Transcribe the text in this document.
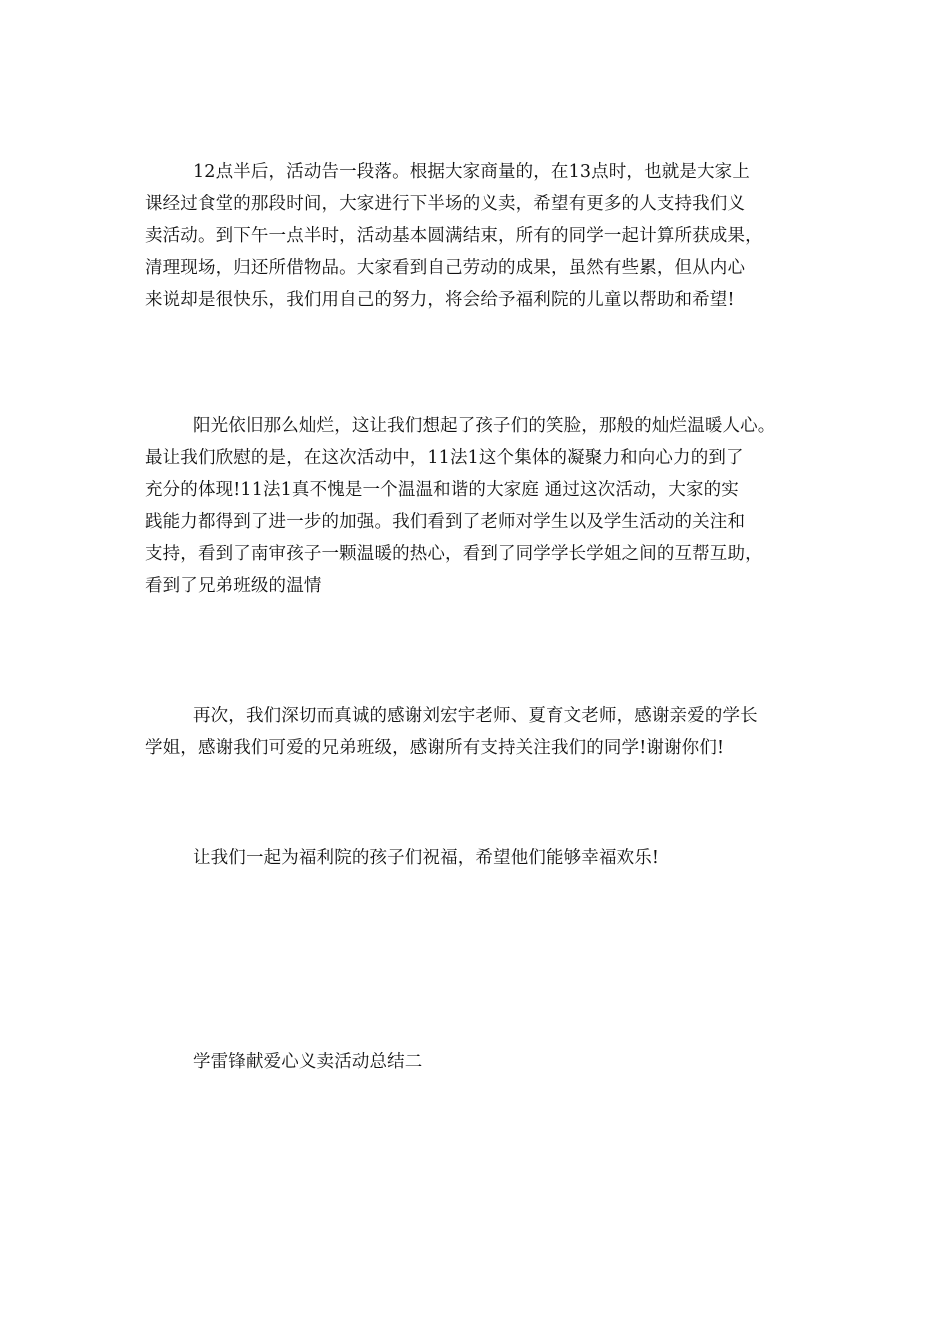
12点半后，活动告一段落。根据大家商量的，在13点时，也就是大家上
课经过食堂的那段时间，大家进行下半场的义卖，希望有更多的人支持我们义
卖活动。到下午一点半时，活动基本圆满结束，所有的同学一起计算所获成果，
清理现场，归还所借物品。大家看到自己劳动的成果，虽然有些累，但从内心
来说却是很快乐，我们用自己的努力，将会给予福利院的儿童以帮助和希望!
阳光依旧那么灿烂，这让我们想起了孩子们的笑脸，那般的灿烂温暖人心。
最让我们欣慰的是，在这次活动中，11法1这个集体的凝聚力和向心力的到了
充分的体现!11法1真不愧是一个温温和谐的大家庭 通过这次活动，大家的实
践能力都得到了进一步的加强。我们看到了老师对学生以及学生活动的关注和
支持，看到了南审孩子一颗温暖的热心，看到了同学学长学姐之间的互帮互助，
看到了兄弟班级的温情
再次，我们深切而真诚的感谢刘宏宇老师、夏育文老师，感谢亲爱的学长
学姐，感谢我们可爱的兄弟班级，感谢所有支持关注我们的同学!谢谢你们!
让我们一起为福利院的孩子们祝福，希望他们能够幸福欢乐!
学雷锋献爱心义卖活动总结二
